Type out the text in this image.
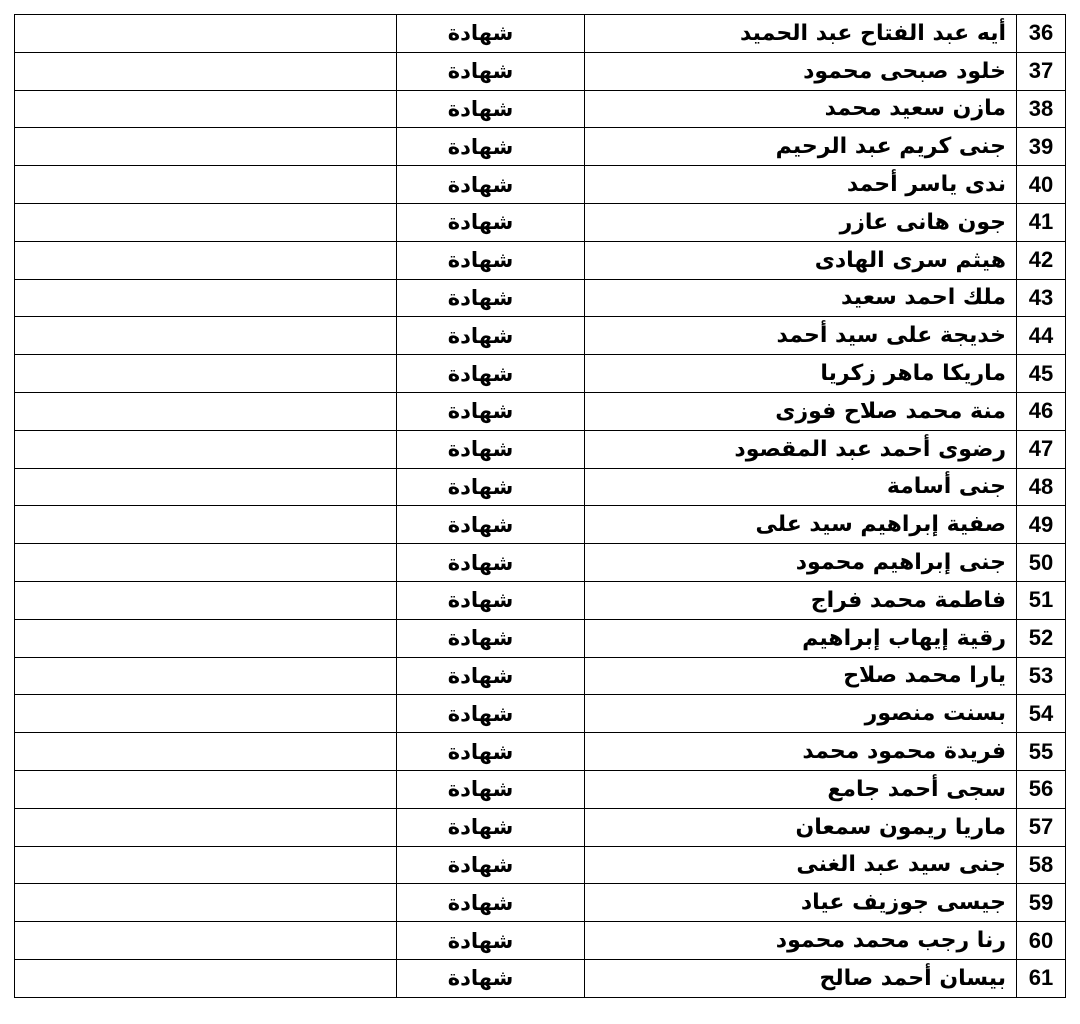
	شهادة	أيه عبد الفتاح عبد الحميد	36
	شهادة	خلود صبحى محمود	37
	شهادة	مازن سعيد محمد	38
	شهادة	جنى كريم عبد الرحيم	39
	شهادة	ندى ياسر أحمد	40
	شهادة	جون هانى عازر	41
	شهادة	هيثم سرى الهادى	42
	شهادة	ملك احمد سعيد	43
	شهادة	خديجة على سيد أحمد	44
	شهادة	ماريكا ماهر زكريا	45
	شهادة	منة محمد صلاح فوزى	46
	شهادة	رضوى أحمد عبد المقصود	47
	شهادة	جنى أسامة	48
	شهادة	صفية إبراهيم سيد على	49
	شهادة	جنى إبراهيم محمود	50
	شهادة	فاطمة محمد فراج	51
	شهادة	رقية إيهاب إبراهيم	52
	شهادة	يارا محمد صلاح	53
	شهادة	بسنت منصور	54
	شهادة	فريدة محمود محمد	55
	شهادة	سجى أحمد جامع	56
	شهادة	ماريا ريمون سمعان	57
	شهادة	جنى سيد عبد الغنى	58
	شهادة	جيسى جوزيف عياد	59
	شهادة	رنا رجب محمد محمود	60
	شهادة	بيسان أحمد صالح	61
